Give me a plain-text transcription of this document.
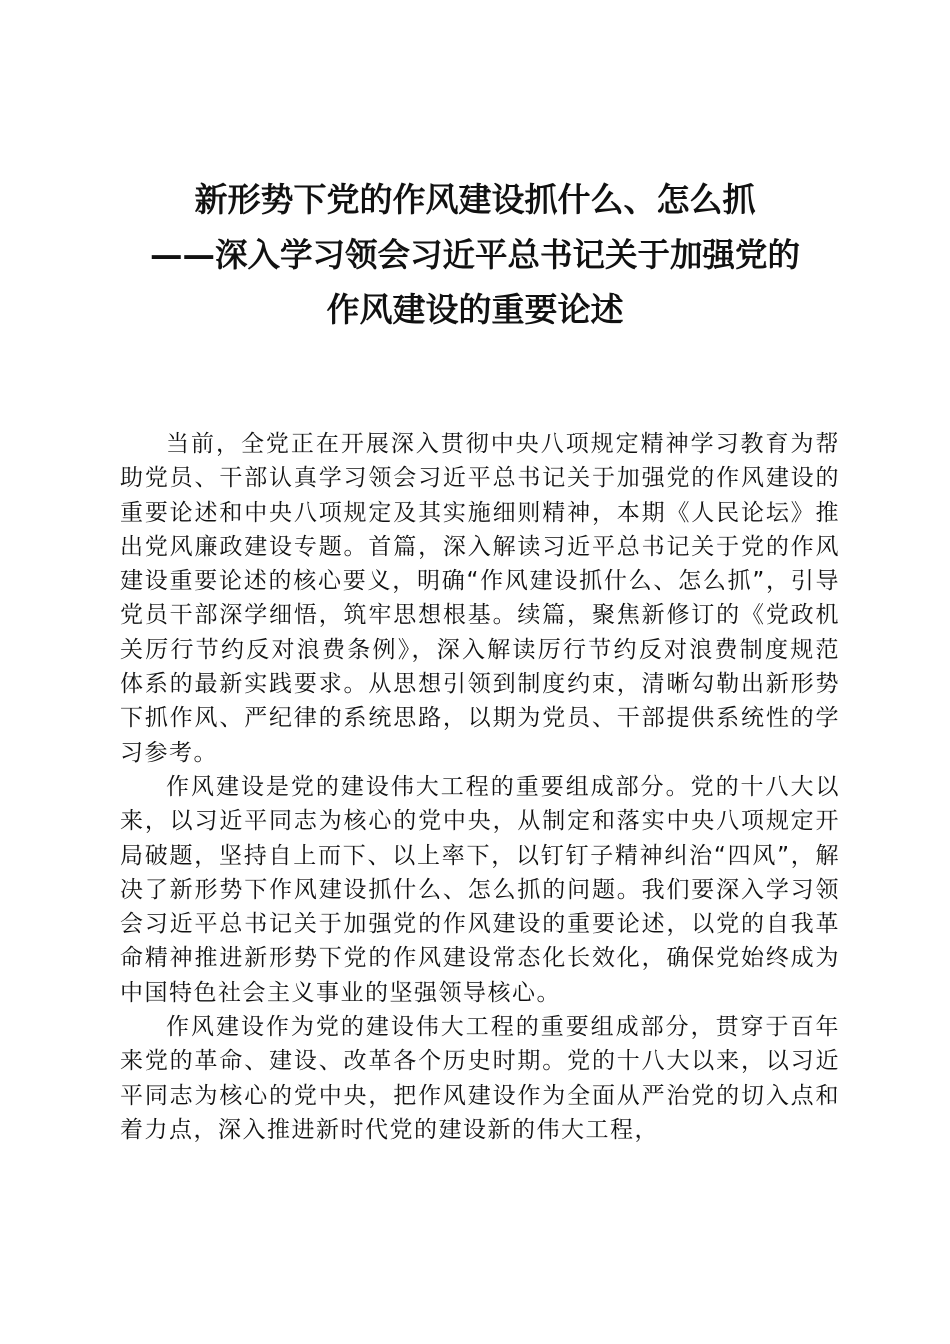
新形势下党的作风建设抓什么、怎么抓
——深入学习领会习近平总书记关于加强党的
作风建设的重要论述

当前，全党正在开展深入贯彻中央八项规定精神学习教育为帮助党员、干部认真学习领会习近平总书记关于加强党的作风建设的重要论述和中央八项规定及其实施细则精神，本期《人民论坛》推出党风廉政建设专题。首篇，深入解读习近平总书记关于党的作风建设重要论述的核心要义，明确“作风建设抓什么、怎么抓”，引导党员干部深学细悟，筑牢思想根基。续篇，聚焦新修订的《党政机关厉行节约反对浪费条例》，深入解读厉行节约反对浪费制度规范体系的最新实践要求。从思想引领到制度约束，清晰勾勒出新形势下抓作风、严纪律的系统思路，以期为党员、干部提供系统性的学习参考。

作风建设是党的建设伟大工程的重要组成部分。党的十八大以来，以习近平同志为核心的党中央，从制定和落实中央八项规定开局破题，坚持自上而下、以上率下，以钉钉子精神纠治“四风”，解决了新形势下作风建设抓什么、怎么抓的问题。我们要深入学习领会习近平总书记关于加强党的作风建设的重要论述，以党的自我革命精神推进新形势下党的作风建设常态化长效化，确保党始终成为中国特色社会主义事业的坚强领导核心。

作风建设作为党的建设伟大工程的重要组成部分，贯穿于百年来党的革命、建设、改革各个历史时期。党的十八大以来，以习近平同志为核心的党中央，把作风建设作为全面从严治党的切入点和着力点，深入推进新时代党的建设新的伟大工程，
